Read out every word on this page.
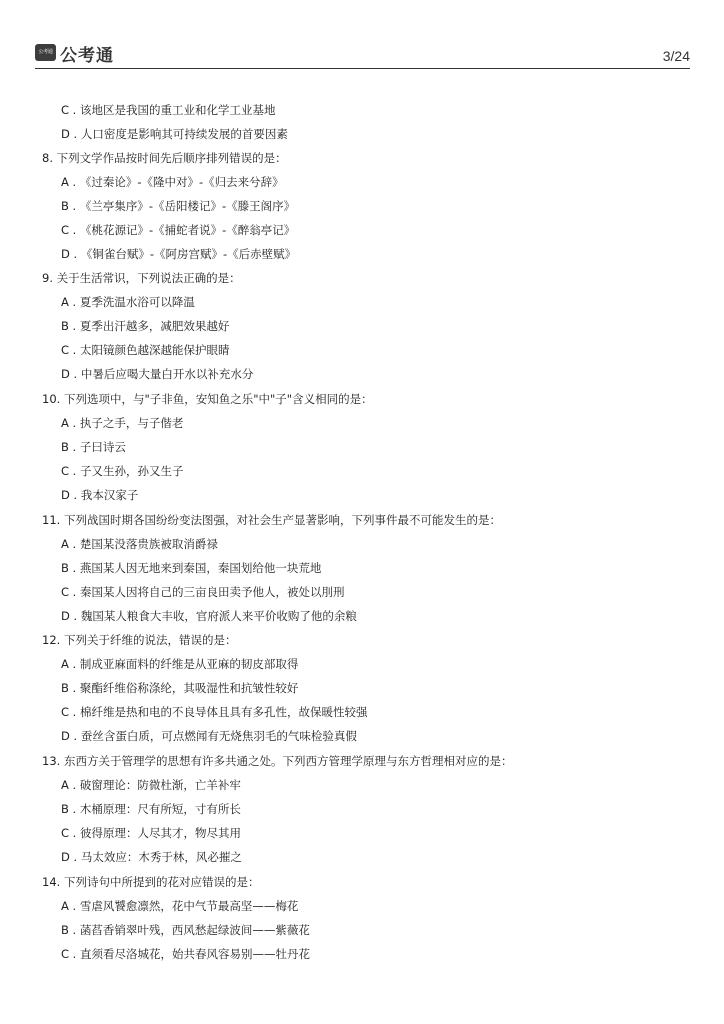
公考通 公考通	3/24
C . 该地区是我国的重工业和化学工业基地
D . 人口密度是影响其可持续发展的首要因素
8. 下列文学作品按时间先后顺序排列错误的是：
A . 《过秦论》-《隆中对》-《归去来兮辞》
B . 《兰亭集序》-《岳阳楼记》-《滕王阁序》
C . 《桃花源记》-《捕蛇者说》-《醉翁亭记》
D . 《铜雀台赋》-《阿房宫赋》-《后赤壁赋》
9. 关于生活常识，下列说法正确的是：
A . 夏季洗温水浴可以降温
B . 夏季出汗越多，减肥效果越好
C . 太阳镜颜色越深越能保护眼睛
D . 中暑后应喝大量白开水以补充水分
10. 下列选项中，与"子非鱼，安知鱼之乐"中"子"含义相同的是：
A . 执子之手，与子偕老
B . 子曰诗云
C . 子又生孙，孙又生子
D . 我本汉家子
11. 下列战国时期各国纷纷变法图强，对社会生产显著影响，下列事件最不可能发生的是：
A . 楚国某没落贵族被取消爵禄
B . 燕国某人因无地来到秦国，秦国划给他一块荒地
C . 秦国某人因将自己的三亩良田卖予他人，被处以刖刑
D . 魏国某人粮食大丰收，官府派人来平价收购了他的余粮
12. 下列关于纤维的说法，错误的是：
A . 制成亚麻面料的纤维是从亚麻的韧皮部取得
B . 聚酯纤维俗称涤纶，其吸湿性和抗皱性较好
C . 棉纤维是热和电的不良导体且具有多孔性，故保暖性较强
D . 蚕丝含蛋白质，可点燃闻有无烧焦羽毛的气味检验真假
13. 东西方关于管理学的思想有许多共通之处。下列西方管理学原理与东方哲理相对应的是：
A . 破窗理论：防微杜渐，亡羊补牢
B . 木桶原理：尺有所短，寸有所长
C . 彼得原理：人尽其才，物尽其用
D . 马太效应：木秀于林，风必摧之
14. 下列诗句中所提到的花对应错误的是：
A . 雪虐风饕愈凛然，花中气节最高坚——梅花
B . 菡萏香销翠叶残，西风愁起绿波间——紫薇花
C . 直须看尽洛城花，始共春风容易别——牡丹花
